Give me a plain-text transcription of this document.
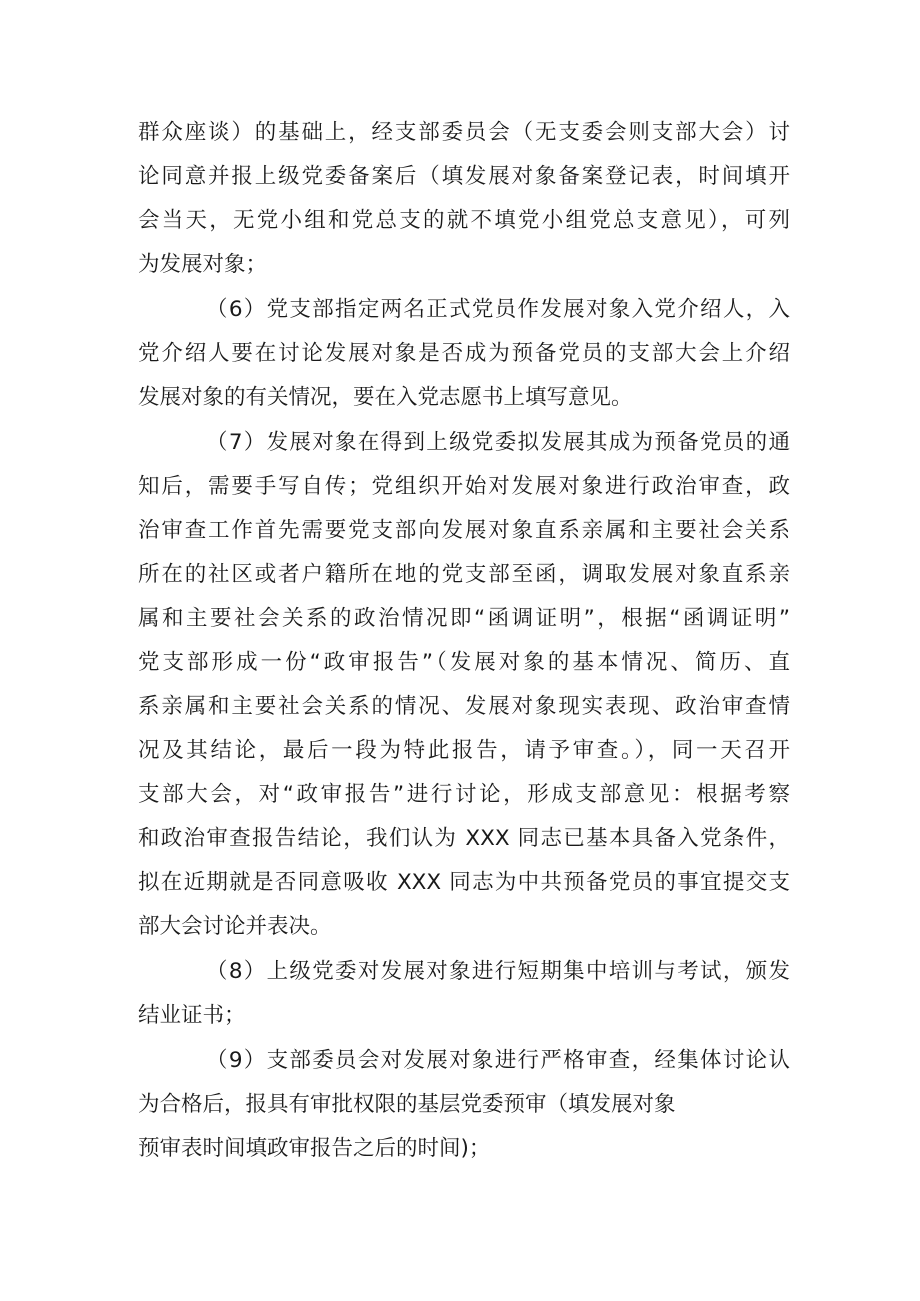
群众座谈）的基础上，经支部委员会（无支委会则支部大会）讨
论同意并报上级党委备案后（填发展对象备案登记表，时间填开
会当天，无党小组和党总支的就不填党小组党总支意见），可列
为发展对象；
（6）党支部指定两名正式党员作发展对象入党介绍人，入
党介绍人要在讨论发展对象是否成为预备党员的支部大会上介绍
发展对象的有关情况，要在入党志愿书上填写意见。
（7）发展对象在得到上级党委拟发展其成为预备党员的通
知后，需要手写自传；党组织开始对发展对象进行政治审查，政
治审查工作首先需要党支部向发展对象直系亲属和主要社会关系
所在的社区或者户籍所在地的党支部至函，调取发展对象直系亲
属和主要社会关系的政治情况即“函调证明”，根据“函调证明”
党支部形成一份“政审报告”（发展对象的基本情况、简历、直
系亲属和主要社会关系的情况、发展对象现实表现、政治审查情
况及其结论，最后一段为特此报告，请予审查。），同一天召开
支部大会，对“政审报告”进行讨论，形成支部意见：根据考察
和政治审查报告结论，我们认为 XXX 同志已基本具备入党条件，
拟在近期就是否同意吸收 XXX 同志为中共预备党员的事宜提交支
部大会讨论并表决。
（8）上级党委对发展对象进行短期集中培训与考试，颁发
结业证书；
（9）支部委员会对发展对象进行严格审查，经集体讨论认
为合格后，报具有审批权限的基层党委预审（填发展对象
预审表时间填政审报告之后的时间)；
